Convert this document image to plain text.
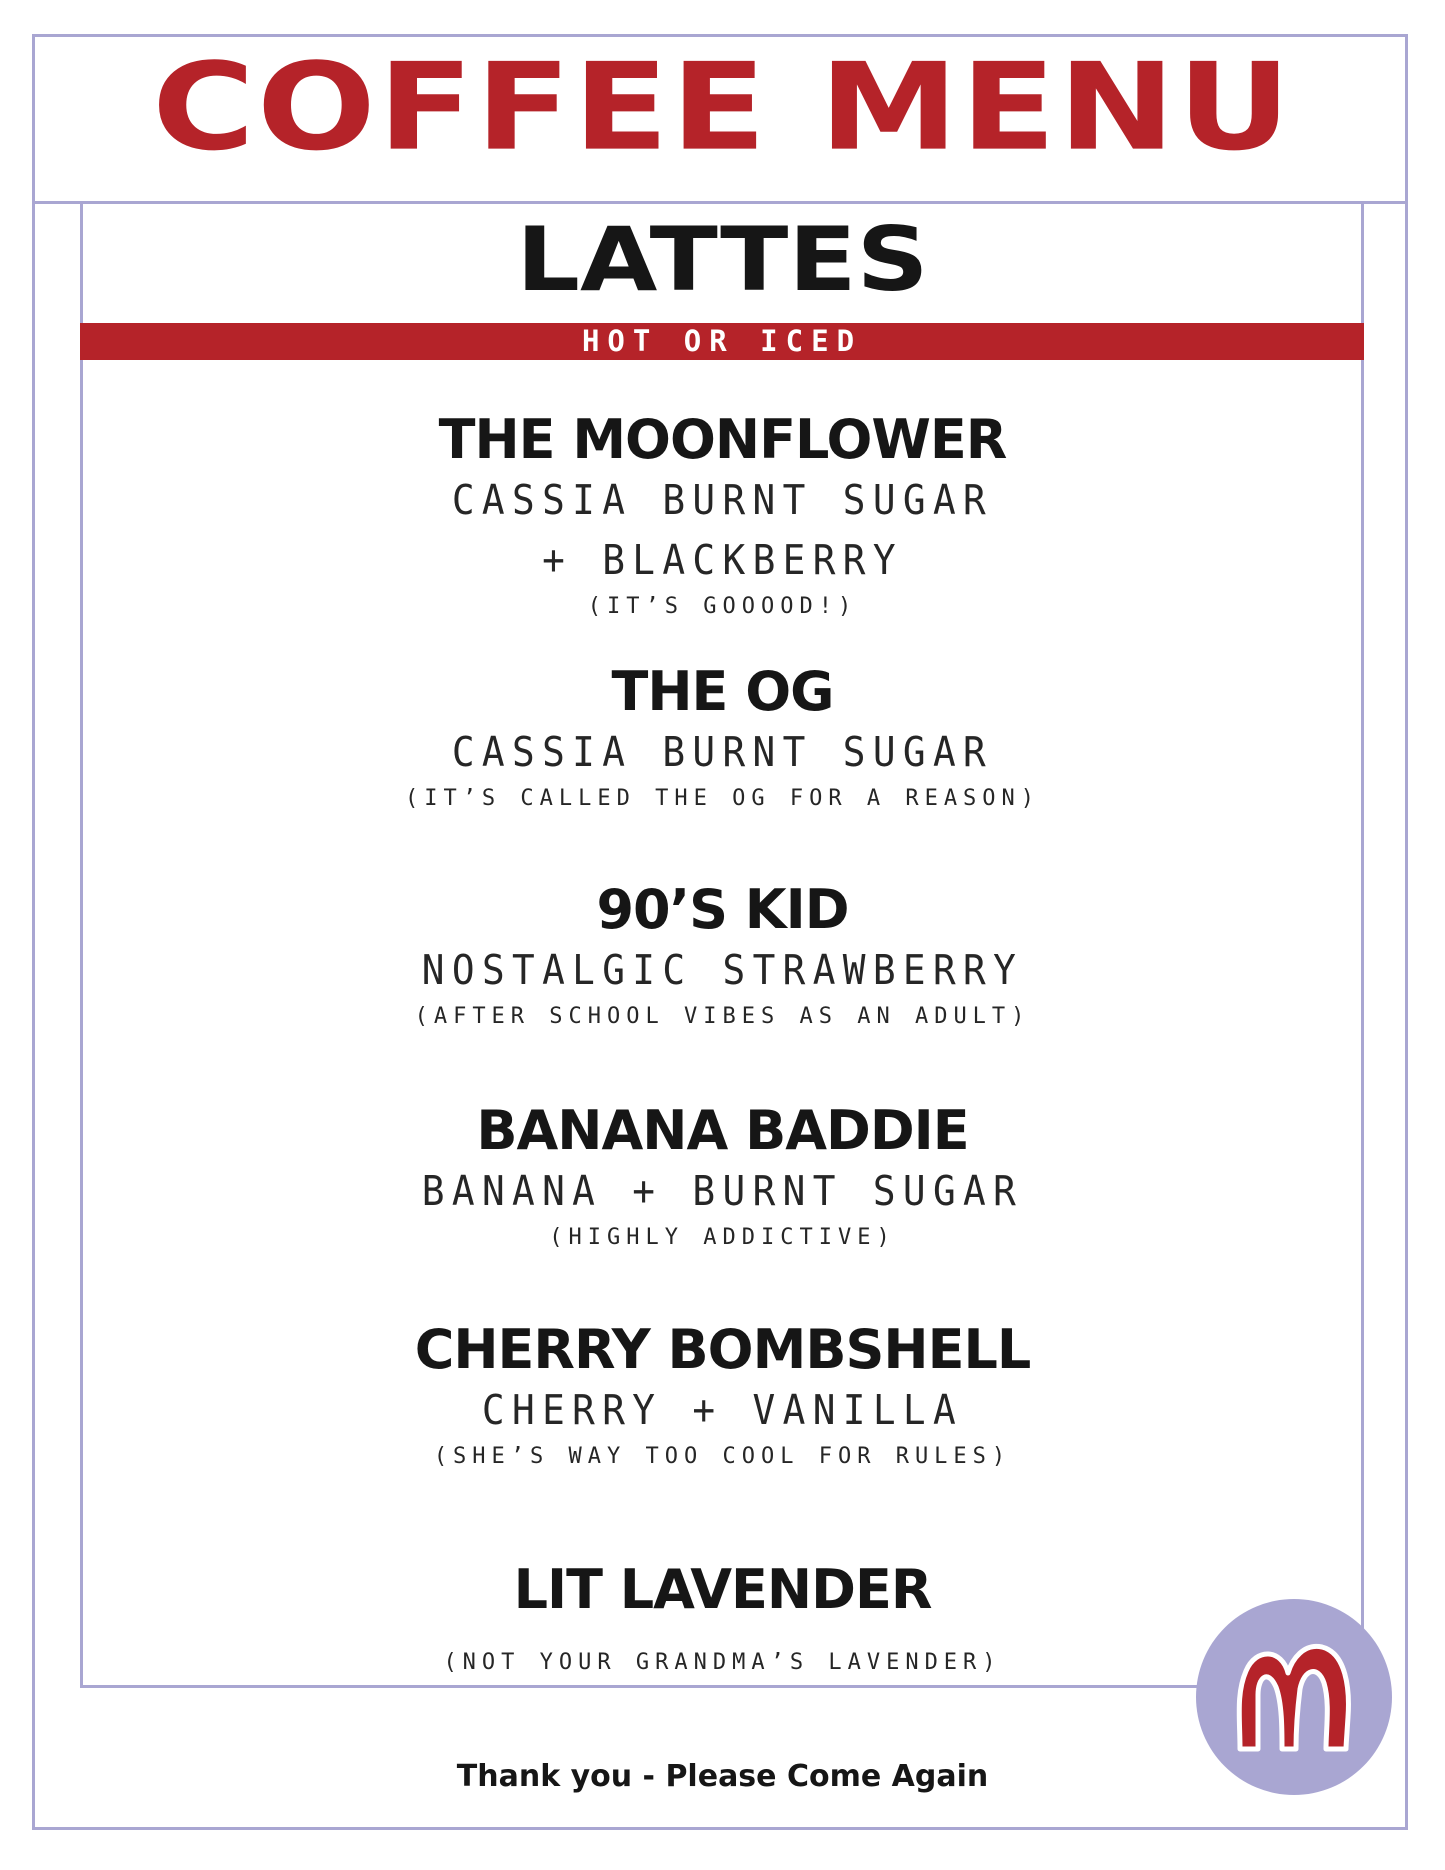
COFFEE MENU
LATTES
HOT OR ICED
THE MOONFLOWER
CASSIA BURNT SUGAR
+ BLACKBERRY
(IT’S GOOOOD!)
THE OG
CASSIA BURNT SUGAR
(IT’S CALLED THE OG FOR A REASON)
90’S KID
NOSTALGIC STRAWBERRY
(AFTER SCHOOL VIBES AS AN ADULT)
BANANA BADDIE
BANANA + BURNT SUGAR
(HIGHLY ADDICTIVE)
CHERRY BOMBSHELL
CHERRY + VANILLA
(SHE’S WAY TOO COOL FOR RULES)
LIT LAVENDER
(NOT YOUR GRANDMA’S LAVENDER)
Thank you - Please Come Again
